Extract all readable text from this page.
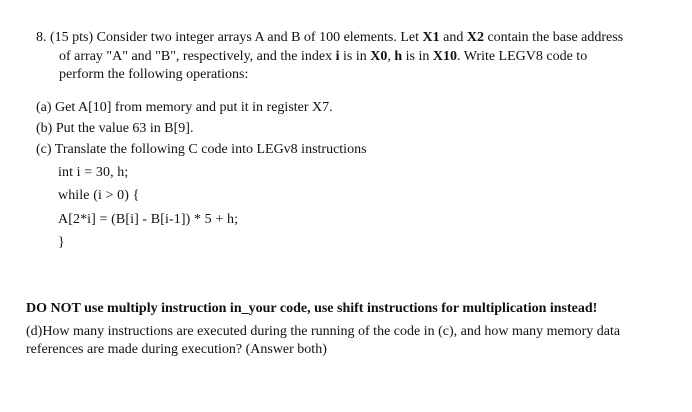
8. (15 pts) Consider two integer arrays A and B of 100 elements. Let X1 and X2 contain the base address
of array "A" and "B", respectively, and the index i is in X0, h is in X10. Write LEGV8 code to
perform the following operations:
(a) Get A[10] from memory and put it in register X7.
(b) Put the value 63 in B[9].
(c) Translate the following C code into LEGv8 instructions
int i = 30, h;
while (i > 0) {
A[2*i] = (B[i] - B[i-1]) * 5 + h;
}
DO NOT use multiply instruction in_your code, use shift instructions for multiplication instead!
(d)How many instructions are executed during the running of the code in (c), and how many memory data
references are made during execution? (Answer both)
